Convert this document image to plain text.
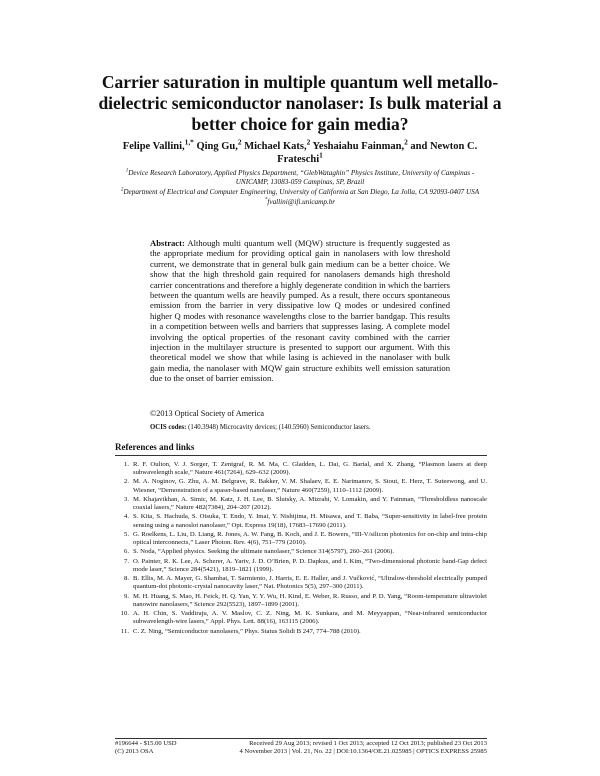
Carrier saturation in multiple quantum well metallo-dielectric semiconductor nanolaser: Is bulk material a better choice for gain media?
Felipe Vallini,$^{1,*}$ Qing Gu,$^2$ Michael Kats,$^2$ Yeshaiahu Fainman,$^2$ and Newton C. Frateschi$^1$

$^1$Device Research Laboratory, Applied Physics Department, “GlebWataghin” Physics Institute, University of Campinas - UNICAMP, 13083-059 Campinas, SP, Brazil

$^2$Department of Electrical and Computer Engineering, University of California at San Diego, La Jolla, CA 92093-0407 USA

*fvallini@ifi.unicamp.br

Abstract: Although multi quantum well (MQW) structure is frequently suggested as the appropriate medium for providing optical gain in nanolasers with low threshold current, we demonstrate that in general bulk gain medium can be a better choice. We show that the high threshold gain required for nanolasers demands high threshold carrier concentrations and therefore a highly degenerate condition in which the barriers between the quantum wells are heavily pumped. As a result, there occurs spontaneous emission from the barrier in very dissipative low Q modes or undesired confined higher Q modes with resonance wavelengths close to the barrier bandgap. This results in a competition between wells and barriers that suppresses lasing. A complete model involving the optical properties of the resonant cavity combined with the carrier injection in the multilayer structure is presented to support our argument. With this theoretical model we show that while lasing is achieved in the nanolaser with bulk gain media, the nanolaser with MQW gain structure exhibits well emission saturation due to the onset of barrier emission.
©2013 Optical Society of America
OCIS codes: (140.3948) Microcavity devices; (140.5960) Semiconductor lasers.
References and links
1. R. F. Oulton, V. J. Sorger, T. Zentgraf, R. M. Ma, C. Gladden, L. Dai, G. Bartal, and X. Zhang, “Plasmon lasers at deep subwavelength scale,” Nature 461(7264), 629–632 (2009).
2. M. A. Noginov, G. Zhu, A. M. Belgrave, R. Bakker, V. M. Shalaev, E. E. Narimanov, S. Stout, E. Herz, T. Suteewong, and U. Wiesner, “Demonstration of a spaser-based nanolaser,” Nature 460(7259), 1110–1112 (2009).
3. M. Khajavikhan, A. Simic, M. Katz, J. H. Lee, B. Slutsky, A. Mizrahi, V. Lomakin, and Y. Fainman, “Thresholdless nanoscale coaxial lasers,” Nature 482(7384), 204–207 (2012).
4. S. Kita, S. Hachuda, S. Otsuka, T. Endo, Y. Imai, Y. Nishijima, H. Misawa, and T. Baba, “Super-sensitivity in label-free protein sensing using a nanoslot nanolaser,” Opt. Express 19(18), 17683–17690 (2011).
5. G. Roelkens, L. Liu, D. Liang, R. Jones, A. W. Fang, B. Koch, and J. E. Bowers, “III-V/silicon photonics for on-chip and intra-chip optical interconnects,” Laser Photon. Rev. 4(6), 751–779 (2010).
6. S. Noda, “Applied physics. Seeking the ultimate nanolaser,” Science 314(5797), 260–261 (2006).
7. O. Painter, R. K. Lee, A. Scherer, A. Yariv, J. D. O’Brien, P. D. Dapkus, and I. Kim, “Two-dimensional photonic band-Gap defect mode laser,” Science 284(5421), 1819–1821 (1999).
8. B. Ellis, M. A. Mayer, G. Shambat, T. Sarmiento, J. Harris, E. E. Haller, and J. Vučković, “Ultralow-threshold electrically pumped quantum-dot photonic-crystal nanocavity laser,” Nat. Photonics 5(5), 297–300 (2011).
9. M. H. Huang, S. Mao, H. Feick, H. Q. Yan, Y. Y. Wu, H. Kind, E. Weber, R. Russo, and P. D. Yang, “Room-temperature ultraviolet nanowire nanolasers,” Science 292(5523), 1897–1899 (2001).
10. A. H. Chin, S. Vaddiraju, A. V. Maslov, C. Z. Ning, M. K. Sunkara, and M. Meyyappan, “Near-infrared semiconductor subwavelength-wire lasers,” Appl. Phys. Lett. 88(16), 163115 (2006).
11. C. Z. Ning, “Semiconductor nanolasers,” Phys. Status Solidi B 247, 774–788 (2010).
#196644 - $15.00 USD	Received 29 Aug 2013; revised 1 Oct 2013; accepted 12 Oct 2013; published 23 Oct 2013
(C) 2013 OSA	4 November 2013 | Vol. 21, No. 22 | DOI:10.1364/OE.21.025985 | OPTICS EXPRESS 25985
